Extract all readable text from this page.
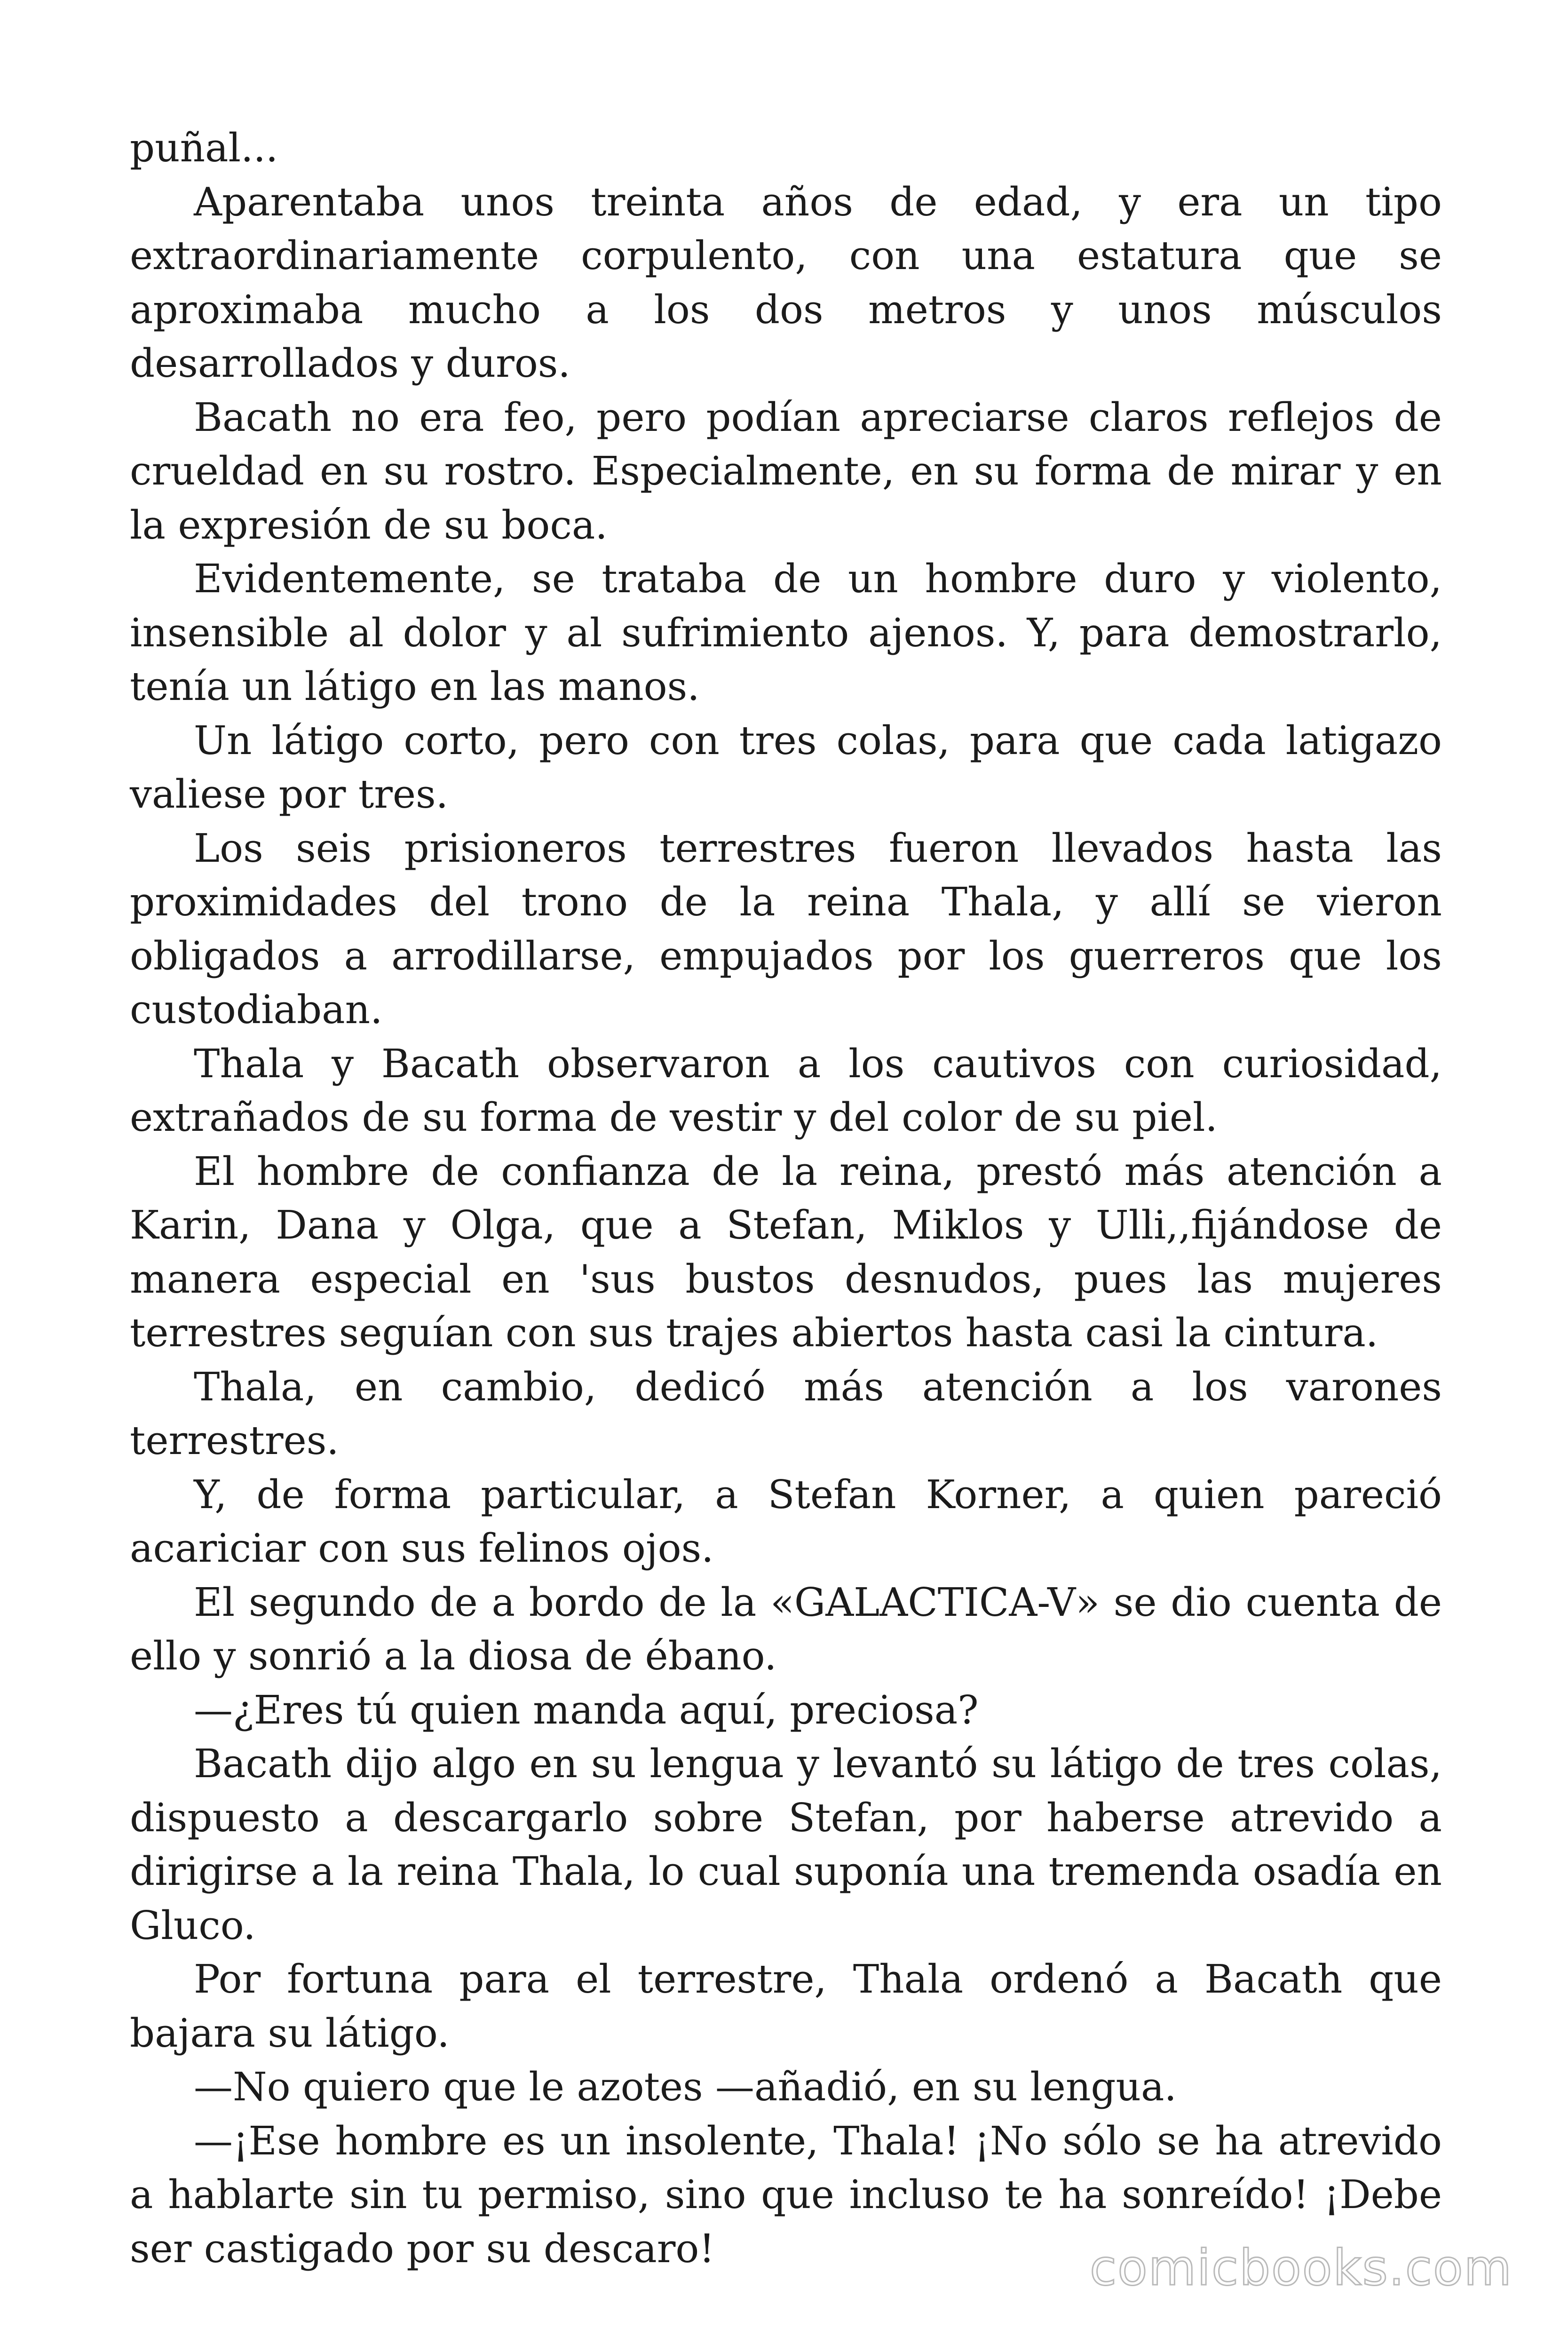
puñal...

Aparentaba unos treinta años de edad, y era un tipo extraordinariamente corpulento, con una estatura que se aproximaba mucho a los dos metros y unos músculos desarrollados y duros.

Bacath no era feo, pero podían apreciarse claros reflejos de crueldad en su rostro. Especialmente, en su forma de mirar y en la expresión de su boca.

Evidentemente, se trataba de un hombre duro y violento, insensible al dolor y al sufrimiento ajenos. Y, para demostrarlo, tenía un látigo en las manos.

Un látigo corto, pero con tres colas, para que cada latigazo valiese por tres.

Los seis prisioneros terrestres fueron llevados hasta las proximidades del trono de la reina Thala, y allí se vieron obligados a arrodillarse, empujados por los guerreros que los custodiaban.

Thala y Bacath observaron a los cautivos con curiosidad, extrañados de su forma de vestir y del color de su piel.

El hombre de confianza de la reina, prestó más atención a Karin, Dana y Olga, que a Stefan, Miklos y Ulli,,fijándose de manera especial en 'sus bustos desnudos, pues las mujeres terrestres seguían con sus trajes abiertos hasta casi la cintura.

Thala, en cambio, dedicó más atención a los varones terrestres.

Y, de forma particular, a Stefan Korner, a quien pareció acariciar con sus felinos ojos.

El segundo de a bordo de la «GALACTICA-V» se dio cuenta de ello y sonrió a la diosa de ébano.

—¿Eres tú quien manda aquí, preciosa?

Bacath dijo algo en su lengua y levantó su látigo de tres colas, dispuesto a descargarlo sobre Stefan, por haberse atrevido a dirigirse a la reina Thala, lo cual suponía una tremenda osadía en Gluco.

Por fortuna para el terrestre, Thala ordenó a Bacath que bajara su látigo.

—No quiero que le azotes —añadió, en su lengua.

—¡Ese hombre es un insolente, Thala! ¡No sólo se ha atrevido a hablarte sin tu permiso, sino que incluso te ha sonreído! ¡Debe ser castigado por su descaro!	comicbooks.com
